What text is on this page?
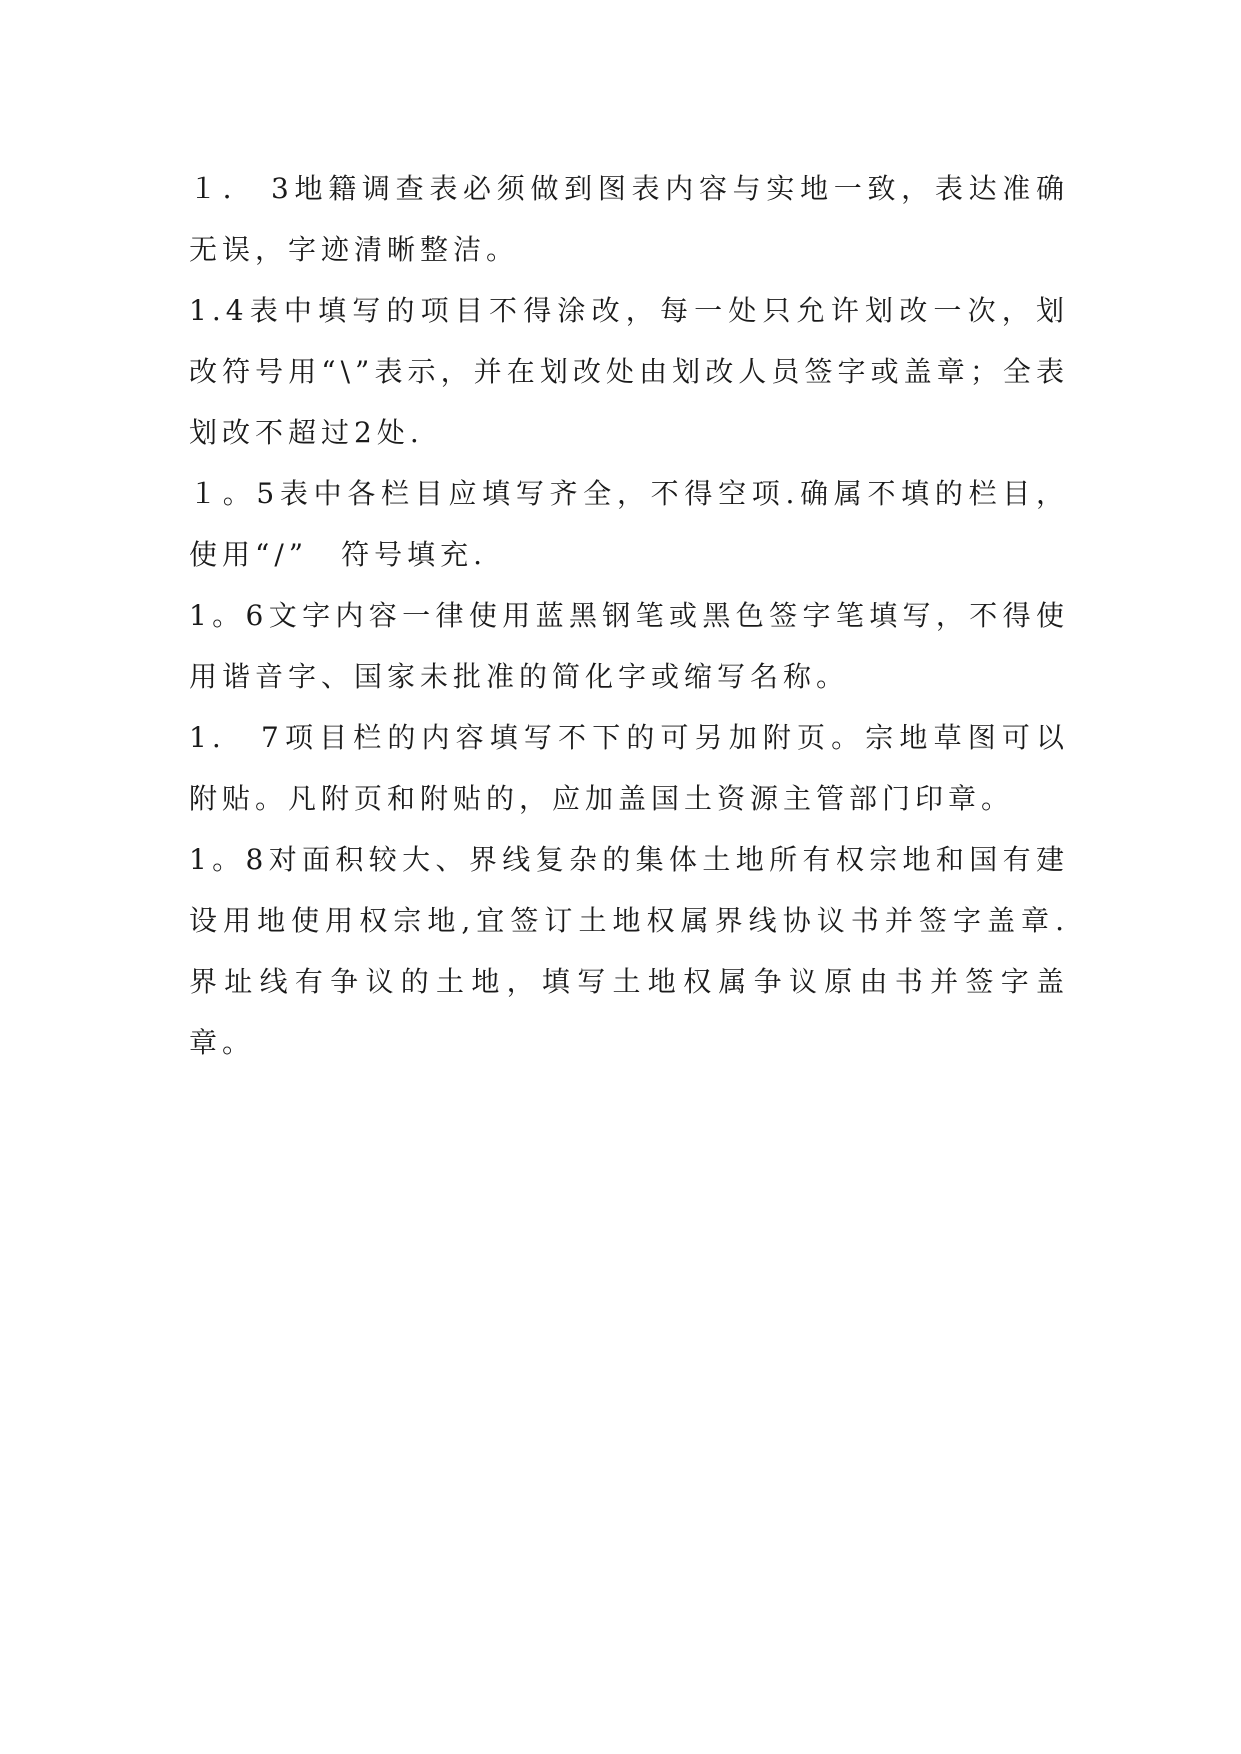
１． 3地籍调查表必须做到图表内容与实地一致，表达准确无误，字迹清晰整洁。

1.4表中填写的项目不得涂改，每一处只允许划改一次，划改符号用“\”表示，并在划改处由划改人员签字或盖章；全表划改不超过2处.

１。5表中各栏目应填写齐全，不得空项.确属不填的栏目，使用“/”　符号填充.

1。6文字内容一律使用蓝黑钢笔或黑色签字笔填写，不得使用谐音字、国家未批准的简化字或缩写名称。

1.　7项目栏的内容填写不下的可另加附页。宗地草图可以附贴。凡附页和附贴的，应加盖国土资源主管部门印章。

1。8对面积较大、界线复杂的集体土地所有权宗地和国有建设用地使用权宗地,宜签订土地权属界线协议书并签字盖章.界址线有争议的土地，填写土地权属争议原由书并签字盖章。
